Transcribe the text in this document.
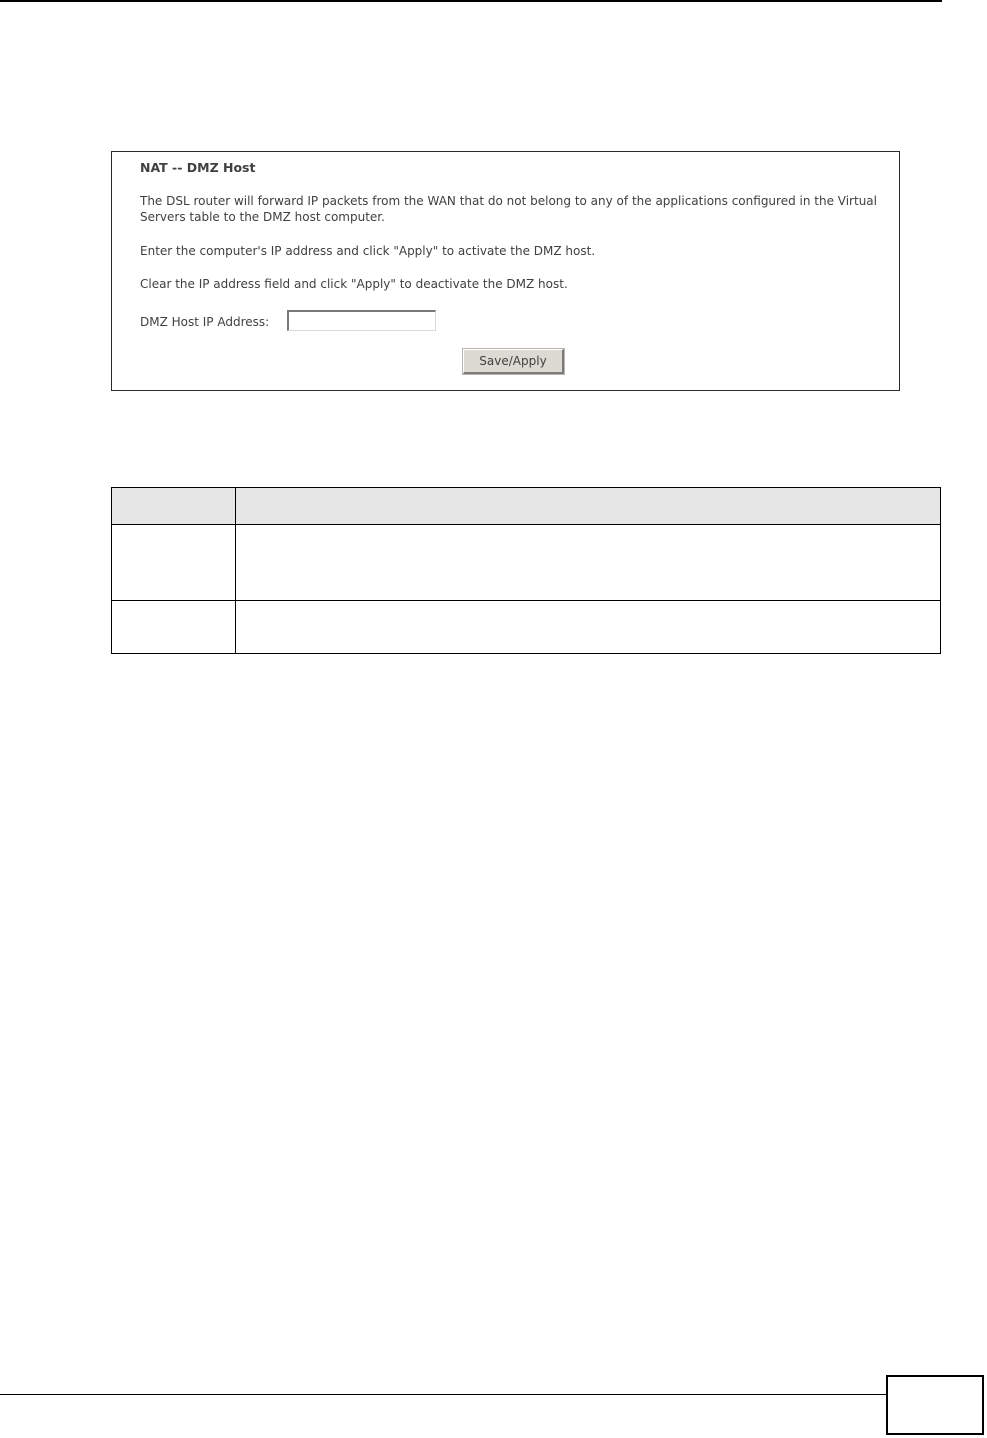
NAT -- DMZ Host
The DSL router will forward IP packets from the WAN that do not belong to any of the applications configured in the Virtual Servers table to the DMZ host computer.
Enter the computer's IP address and click "Apply" to activate the DMZ host.
Clear the IP address field and click "Apply" to deactivate the DMZ host.
DMZ Host IP Address:
Save/Apply
